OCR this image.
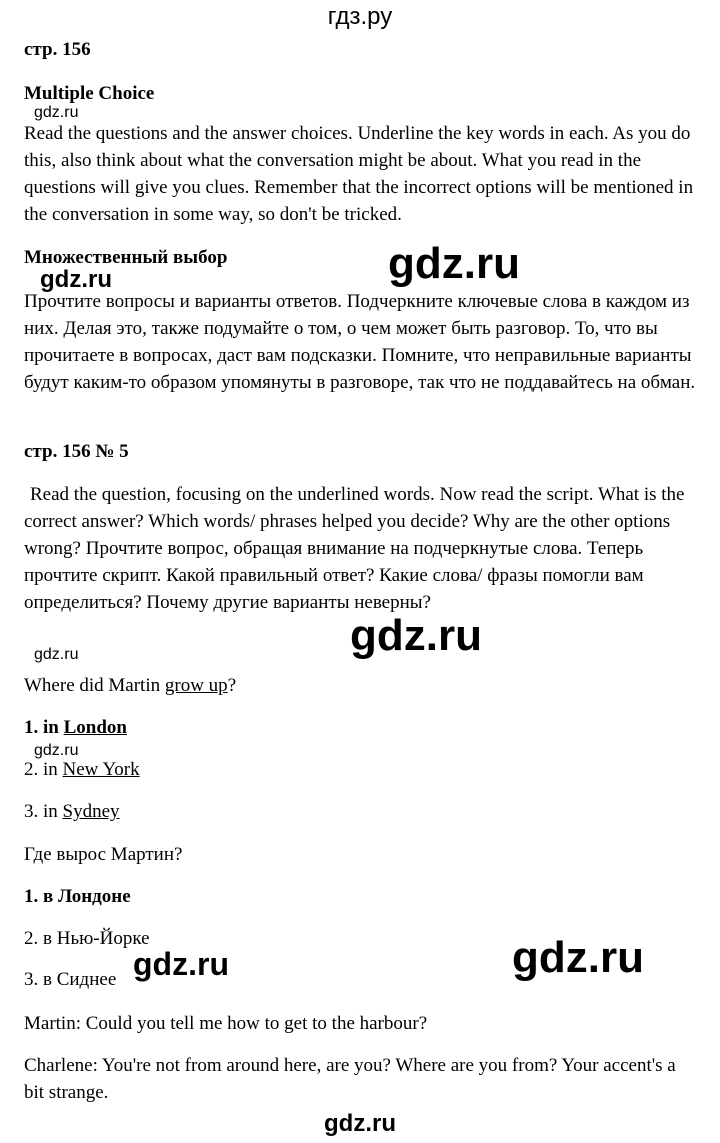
гдз.ру
стр. 156
Multiple Choice
gdz.ru
Read the questions and the answer choices. Underline the key words in each. As you do this, also think about what the conversation might be about. What you read in the questions will give you clues. Remember that the incorrect options will be mentioned in the conversation in some way, so don't be tricked.
Множественный выбор	gdz.ru
gdz.ru
Прочтите вопросы и варианты ответов. Подчеркните ключевые слова в каждом из них. Делая это, также подумайте о том, о чем может быть разговор. То, что вы прочитаете в вопросах, даст вам подсказки. Помните, что неправильные варианты будут каким-то образом упомянуты в разговоре, так что не поддавайтесь на обман.
стр. 156 № 5
Read the question, focusing on the underlined words. Now read the script. What is the correct answer? Which words/ phrases helped you decide? Why are the other options wrong? Прочтите вопрос, обращая внимание на подчеркнутые слова. Теперь прочтите скрипт. Какой правильный ответ? Какие слова/ фразы помогли вам определиться? Почему другие варианты неверны?
gdz.ru
gdz.ru
Where did Martin grow up?
1. in London
gdz.ru
2. in New York
3. in Sydney
Где вырос Мартин?
1. в Лондоне
2. в Нью-Йорке	gdz.ru
3. в Сиднее gdz.ru
Martin: Could you tell me how to get to the harbour?
Charlene: You're not from around here, are you? Where are you from? Your accent's a bit strange.
gdz.ru
